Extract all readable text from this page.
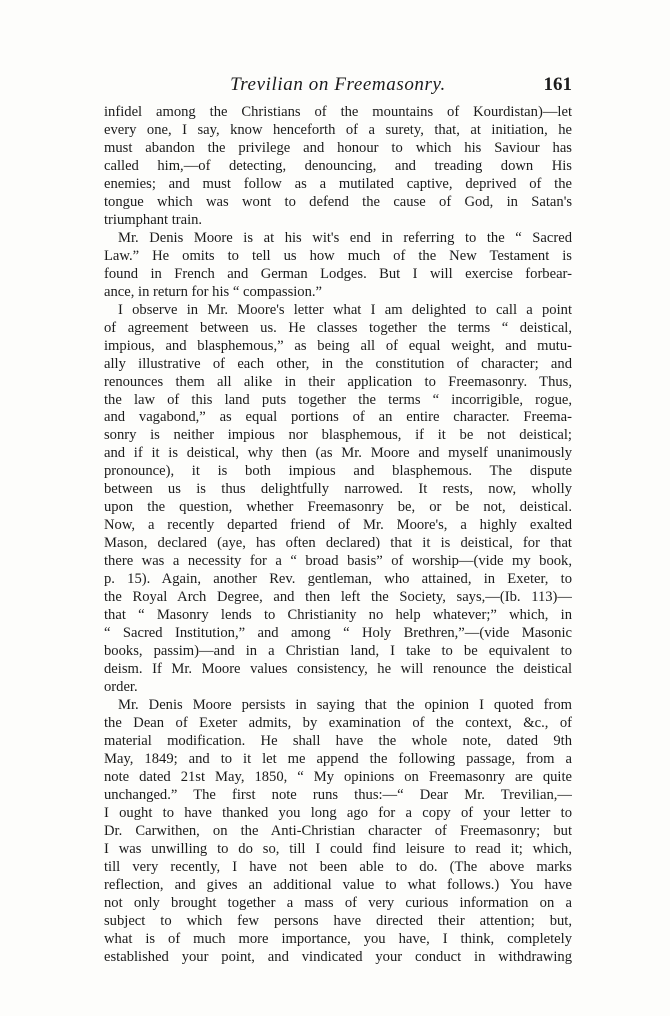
Trevilian on Freemasonry.	161
infidel among the Christians of the mountains of Kourdistan)—let
every one, I say, know henceforth of a surety, that, at initiation, he
must abandon the privilege and honour to which his Saviour has
called him,—of detecting, denouncing, and treading down His
enemies; and must follow as a mutilated captive, deprived of the
tongue which was wont to defend the cause of God, in Satan's
triumphant train.
Mr. Denis Moore is at his wit's end in referring to the “ Sacred
Law.” He omits to tell us how much of the New Testament is
found in French and German Lodges. But I will exercise forbear-
ance, in return for his “ compassion.”
I observe in Mr. Moore's letter what I am delighted to call a point
of agreement between us. He classes together the terms “ deistical,
impious, and blasphemous,” as being all of equal weight, and mutu-
ally illustrative of each other, in the constitution of character; and
renounces them all alike in their application to Freemasonry. Thus,
the law of this land puts together the terms “ incorrigible, rogue,
and vagabond,” as equal portions of an entire character. Freema-
sonry is neither impious nor blasphemous, if it be not deistical;
and if it is deistical, why then (as Mr. Moore and myself unanimously
pronounce), it is both impious and blasphemous. The dispute
between us is thus delightfully narrowed. It rests, now, wholly
upon the question, whether Freemasonry be, or be not, deistical.
Now, a recently departed friend of Mr. Moore's, a highly exalted
Mason, declared (aye, has often declared) that it is deistical, for that
there was a necessity for a “ broad basis” of worship—(vide my book,
p. 15). Again, another Rev. gentleman, who attained, in Exeter, to
the Royal Arch Degree, and then left the Society, says,—(Ib. 113)—
that “ Masonry lends to Christianity no help whatever;” which, in
“ Sacred Institution,” and among “ Holy Brethren,”—(vide Masonic
books, passim)—and in a Christian land, I take to be equivalent to
deism. If Mr. Moore values consistency, he will renounce the deistical
order.
Mr. Denis Moore persists in saying that the opinion I quoted from
the Dean of Exeter admits, by examination of the context, &c., of
material modification. He shall have the whole note, dated 9th
May, 1849; and to it let me append the following passage, from a
note dated 21st May, 1850, “ My opinions on Freemasonry are quite
unchanged.” The first note runs thus:—“ Dear Mr. Trevilian,—
I ought to have thanked you long ago for a copy of your letter to
Dr. Carwithen, on the Anti-Christian character of Freemasonry; but
I was unwilling to do so, till I could find leisure to read it; which,
till very recently, I have not been able to do. (The above marks
reflection, and gives an additional value to what follows.) You have
not only brought together a mass of very curious information on a
subject to which few persons have directed their attention; but,
what is of much more importance, you have, I think, completely
established your point, and vindicated your conduct in withdrawing
